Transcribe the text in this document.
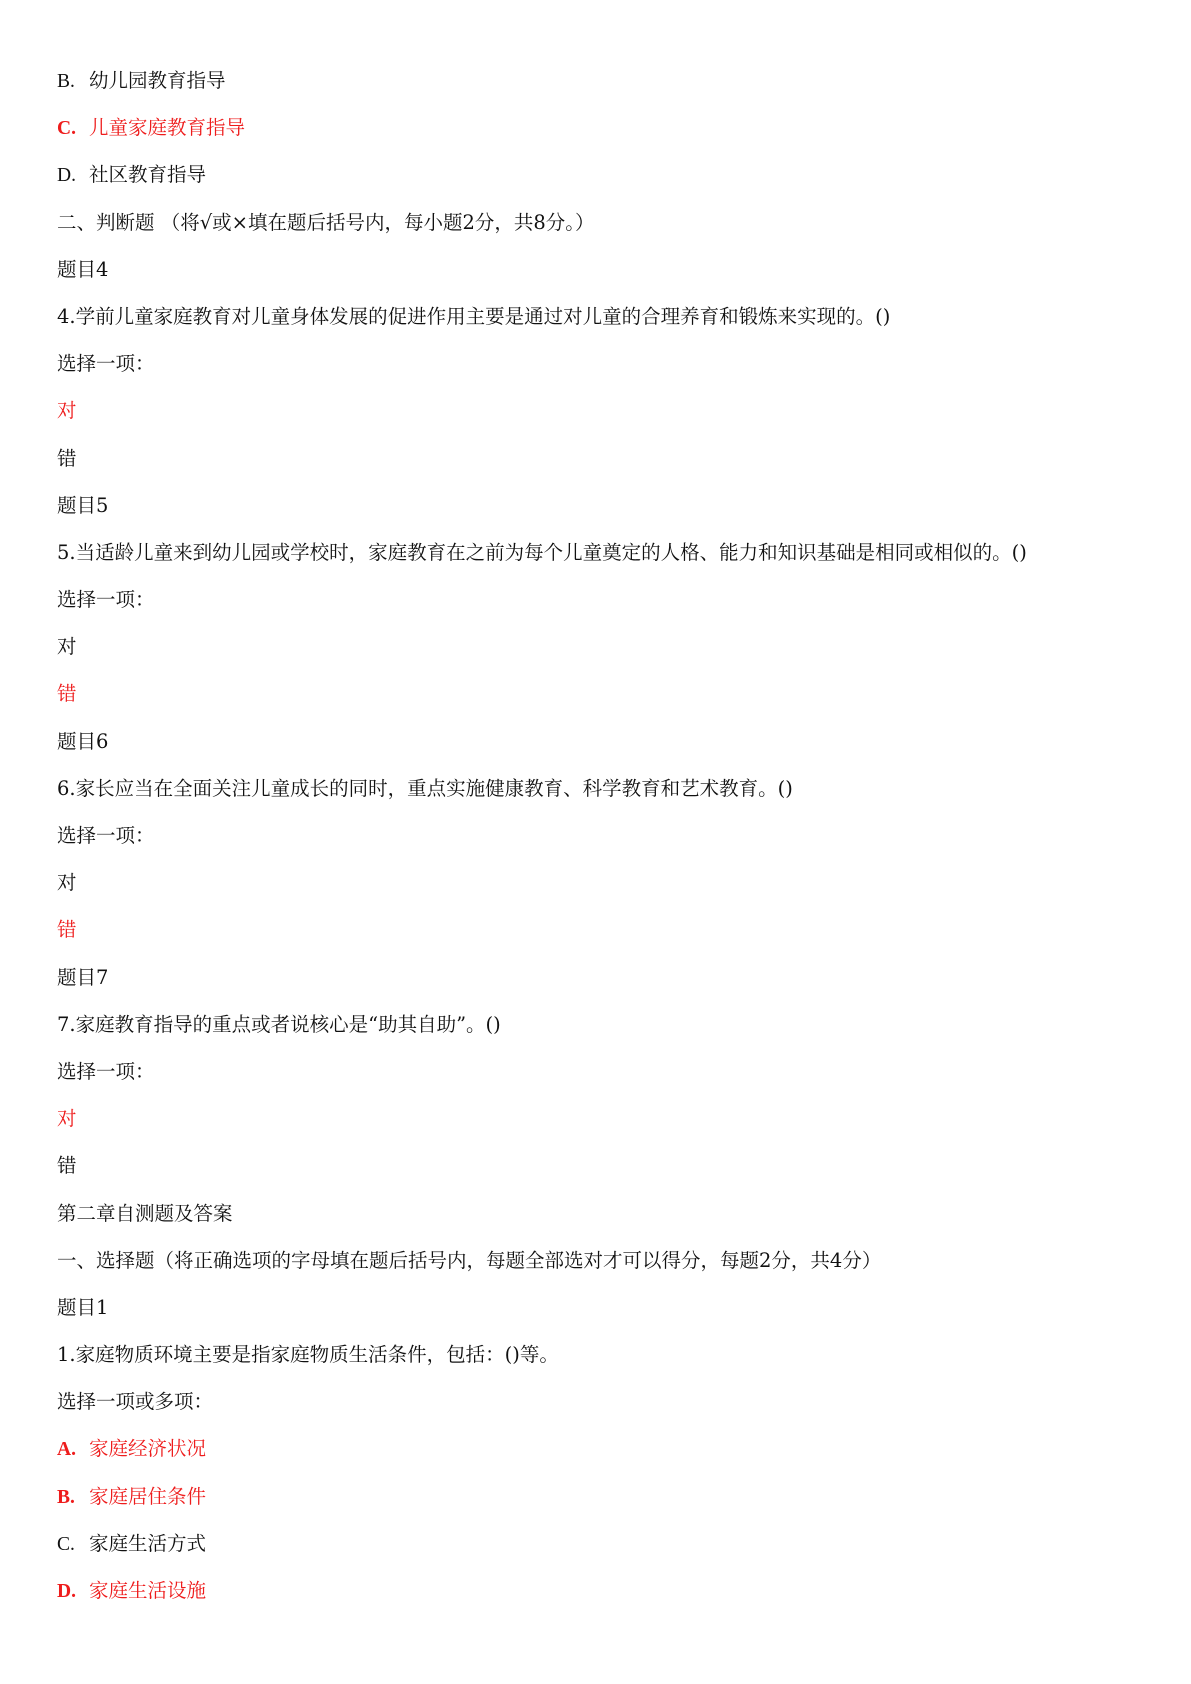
B. 幼儿园教育指导
C. 儿童家庭教育指导
D. 社区教育指导
二、判断题 （将√或×填在题后括号内，每小题2分，共8分。）
题目4
4.学前儿童家庭教育对儿童身体发展的促进作用主要是通过对儿童的合理养育和锻炼来实现的。()
选择一项：
对
错
题目5
5.当适龄儿童来到幼儿园或学校时，家庭教育在之前为每个儿童奠定的人格、能力和知识基础是相同或相似的。()
选择一项：
对
错
题目6
6.家长应当在全面关注儿童成长的同时，重点实施健康教育、科学教育和艺术教育。()
选择一项：
对
错
题目7
7.家庭教育指导的重点或者说核心是“助其自助”。()
选择一项：
对
错
第二章自测题及答案
一、选择题（将正确选项的字母填在题后括号内，每题全部选对才可以得分，每题2分，共4分）
题目1
1.家庭物质环境主要是指家庭物质生活条件，包括：()等。
选择一项或多项：
A. 家庭经济状况
B. 家庭居住条件
C. 家庭生活方式
D. 家庭生活设施
